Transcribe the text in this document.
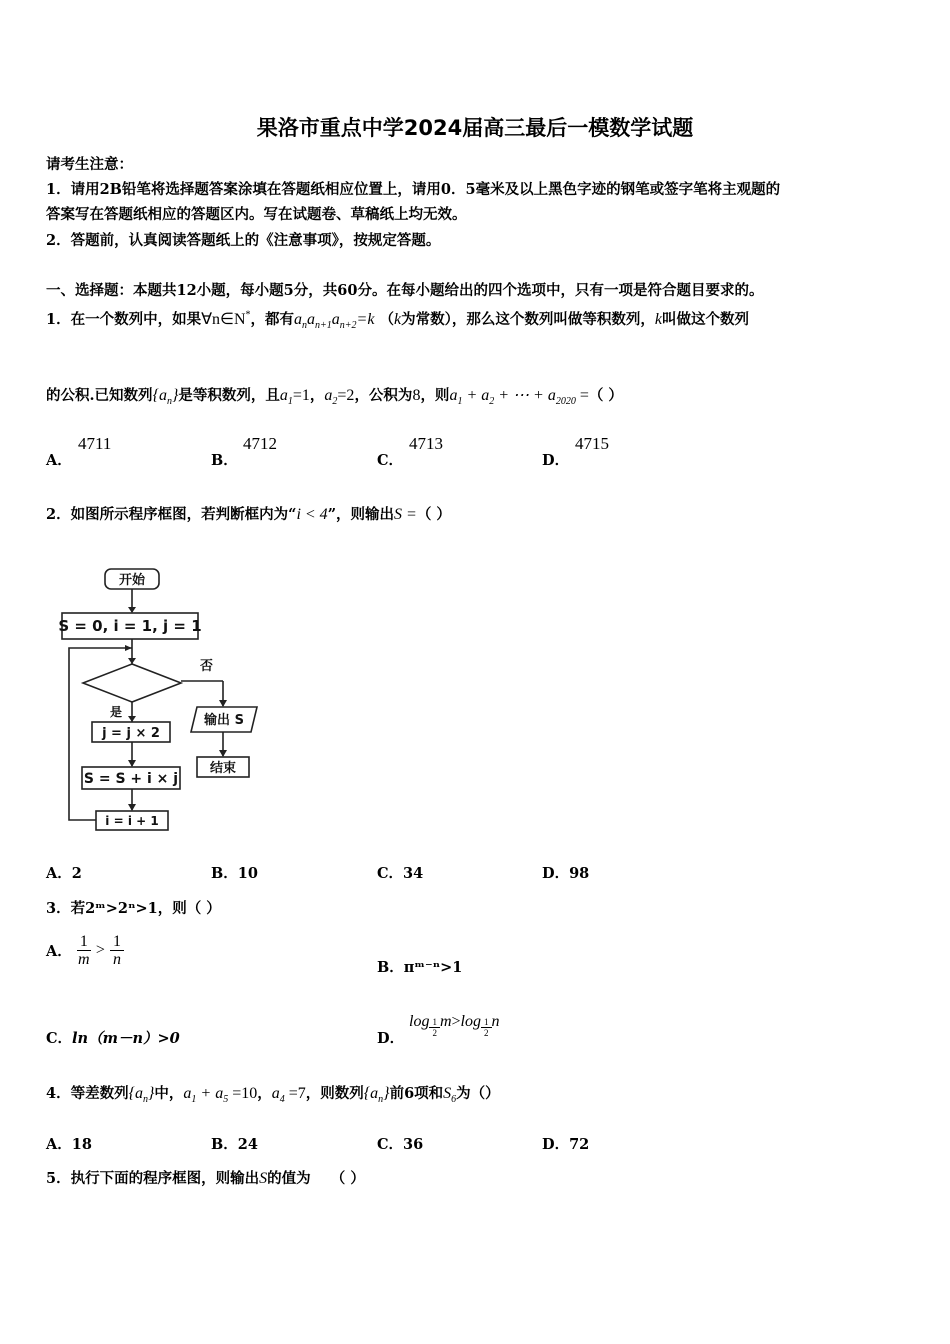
果洛市重点中学2024届高三最后一模数学试题
请考生注意：
1．请用2B铅笔将选择题答案涂填在答题纸相应位置上，请用0．5毫米及以上黑色字迹的钢笔或签字笔将主观题的
答案写在答题纸相应的答题区内。写在试题卷、草稿纸上均无效。
2．答题前，认真阅读答题纸上的《注意事项》，按规定答题。
一、选择题：本题共12小题，每小题5分，共60分。在每小题给出的四个选项中，只有一项是符合题目要求的。
1．在一个数列中，如果∀n∈N*，都有$a_na_{n+1}a_{n+2}=k$ （k为常数），那么这个数列叫做等积数列，k叫做这个数列
的公积.已知数列$\{a_n\}$是等积数列，且$a_1=1$，$a_2=2$，公积为8，则$a_1 + a_2$ + ⋯ + $a_{2020}$ =（ ）
A．
4711
B．
4712
C．
4713
D．
4715
2．如图所示程序框图，若判断框内为“i < 4”，则输出S =（ ）
开始
S = 0, i = 1, j = 1
否
是
输出 S
结束
j = j × 2
S = S + i × j
i = i + 1
A．2	B．10	C．34	D．98
3．若2ᵐ>2ⁿ>1，则（ ）
A． $\frac{1}{m} > \frac{1}{n}$	B．πᵐ⁻ⁿ>1
C．ln（m－n）>0	D．
$\log \frac{1}{2} m>\log \frac{1}{2}$ n
4．等差数列$\{a_n\}$中，$a_1 + a_5 =10$，$a_4 =7$，则数列$\{a_n\}$前6项和$S_6$为（）
A．18	B．24	C．36	D．72
5．执行下面的程序框图，则输出S的值为 （ ）
